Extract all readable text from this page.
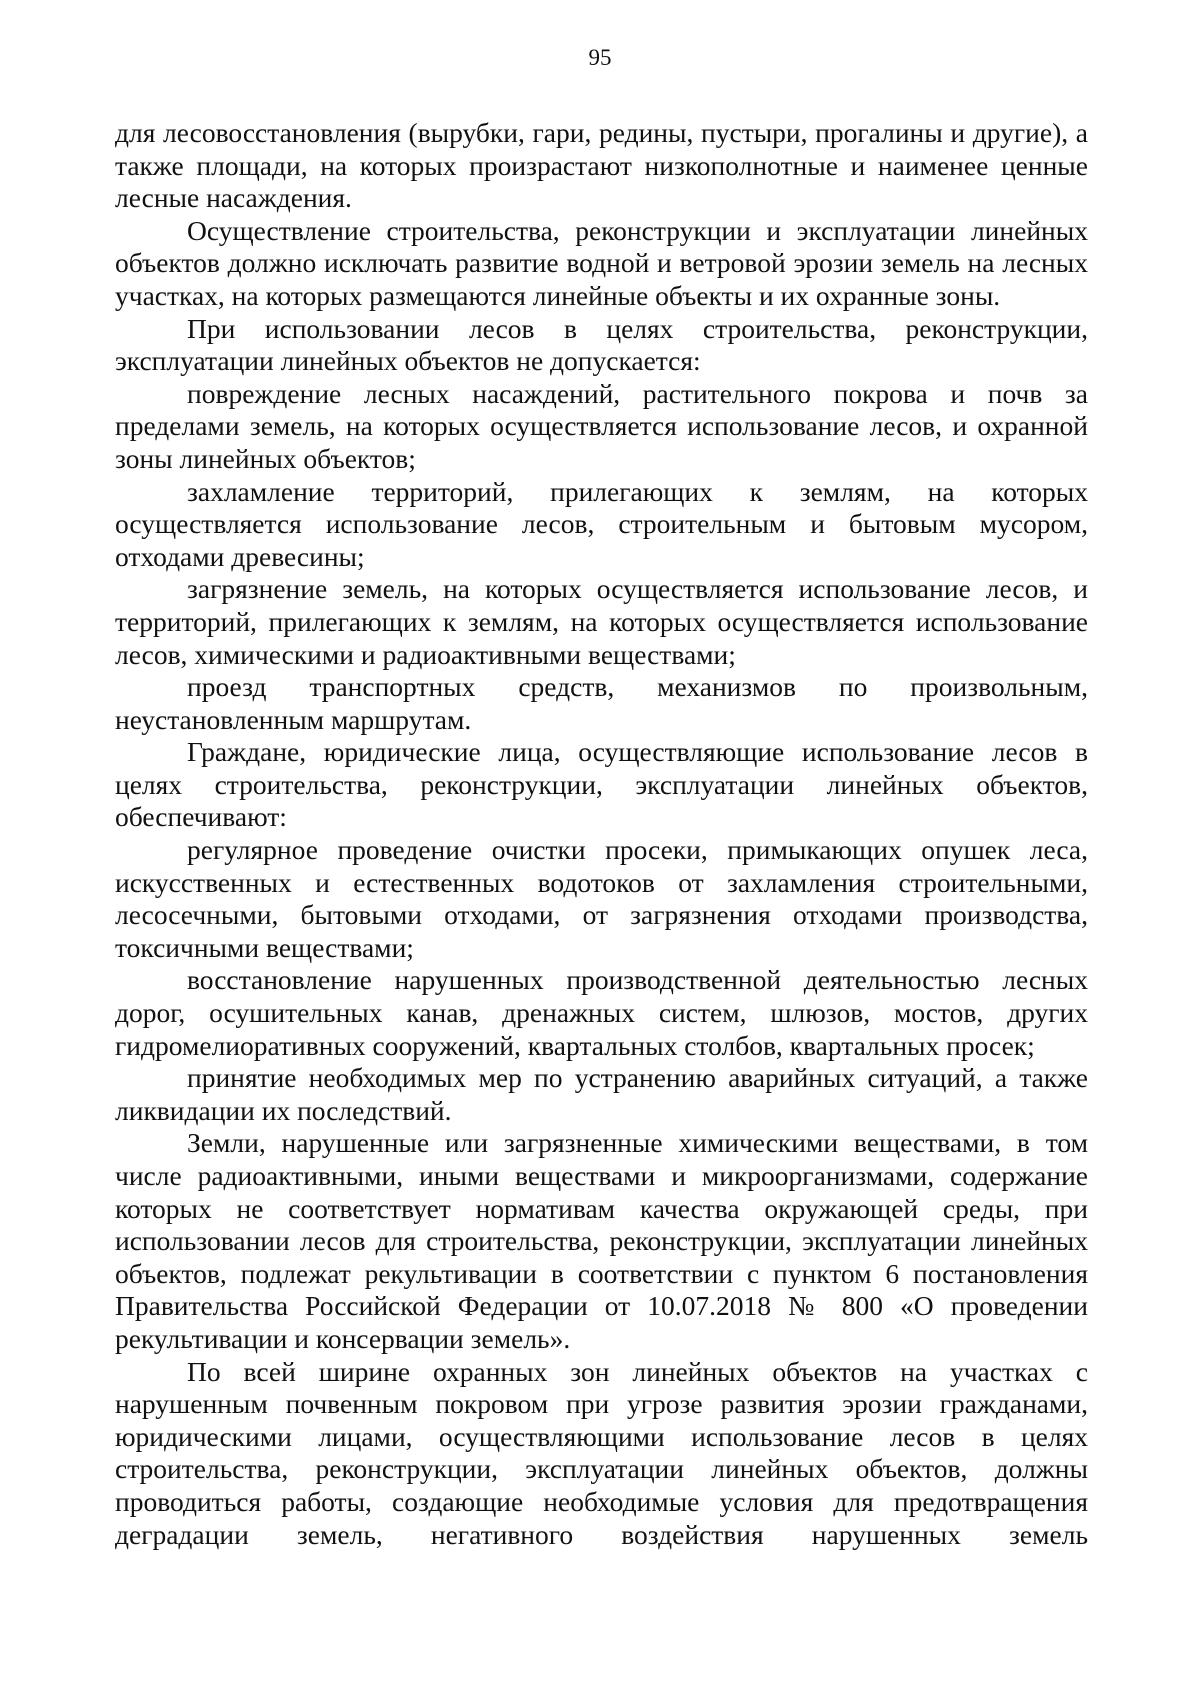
95

для лесовосстановления (вырубки, гари, редины, пустыри, прогалины и другие), а также площади, на которых произрастают низкополнотные и наименее ценные лесные насаждения.

Осуществление строительства, реконструкции и эксплуатации линейных объектов должно исключать развитие водной и ветровой эрозии земель на лесных участках, на которых размещаются линейные объекты и их охранные зоны.

При использовании лесов в целях строительства, реконструкции, эксплуатации линейных объектов не допускается:

повреждение лесных насаждений, растительного покрова и почв за пределами земель, на которых осуществляется использование лесов, и охранной зоны линейных объектов;

захламление территорий, прилегающих к землям, на которых осуществляется использование лесов, строительным и бытовым мусором, отходами древесины;

загрязнение земель, на которых осуществляется использование лесов, и территорий, прилегающих к землям, на которых осуществляется использование лесов, химическими и радиоактивными веществами;

проезд транспортных средств, механизмов по произвольным, неустановленным маршрутам.

Граждане, юридические лица, осуществляющие использование лесов в целях строительства, реконструкции, эксплуатации линейных объектов, обеспечивают:

регулярное проведение очистки просеки, примыкающих опушек леса, искусственных и естественных водотоков от захламления строительными, лесосечными, бытовыми отходами, от загрязнения отходами производства, токсичными веществами;

восстановление нарушенных производственной деятельностью лесных дорог, осушительных канав, дренажных систем, шлюзов, мостов, других гидромелиоративных сооружений, квартальных столбов, квартальных просек;

принятие необходимых мер по устранению аварийных ситуаций, а также ликвидации их последствий.

Земли, нарушенные или загрязненные химическими веществами, в том числе радиоактивными, иными веществами и микроорганизмами, содержание которых не соответствует нормативам качества окружающей среды, при использовании лесов для строительства, реконструкции, эксплуатации линейных объектов, подлежат рекультивации в соответствии с пунктом 6 постановления Правительства Российской Федерации от 10.07.2018 № 800 «О проведении рекультивации и консервации земель».

По всей ширине охранных зон линейных объектов на участках с нарушенным почвенным покровом при угрозе развития эрозии гражданами, юридическими лицами, осуществляющими использование лесов в целях строительства, реконструкции, эксплуатации линейных объектов, должны проводиться работы, создающие необходимые условия для предотвращения деградации земель, негативного воздействия нарушенных земель
